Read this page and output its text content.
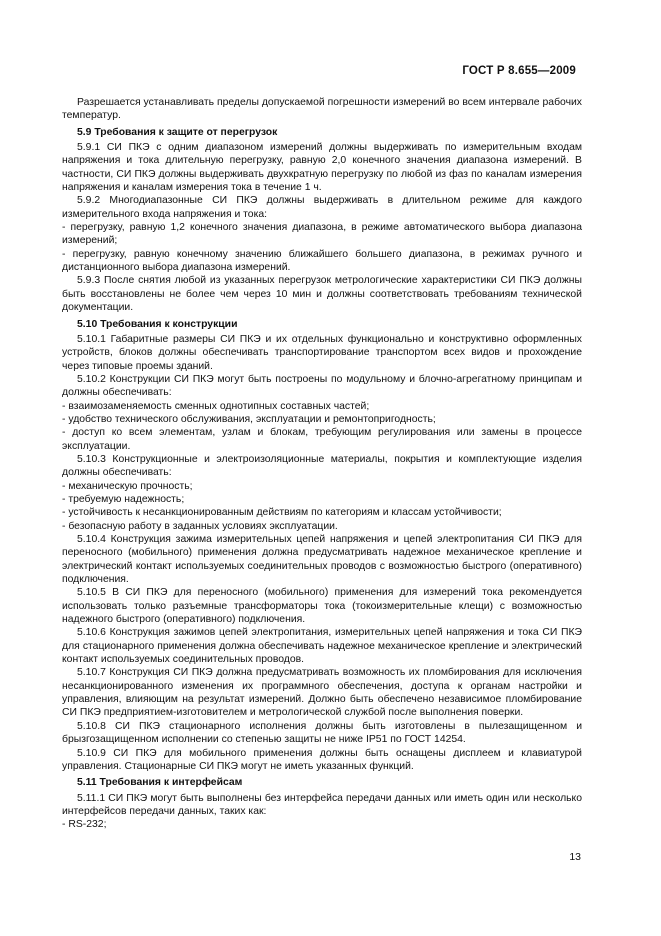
ГОСТ Р 8.655—2009

Разрешается устанавливать пределы допускаемой погрешности измерений во всем интервале рабочих температур.

5.9 Требования к защите от перегрузок

5.9.1 СИ ПКЭ с одним диапазоном измерений должны выдерживать по измерительным входам напряжения и тока длительную перегрузку, равную 2,0 конечного значения диапазона измерений. В частности, СИ ПКЭ должны выдерживать двухкратную перегрузку по любой из фаз по каналам измерения напряжения и каналам измерения тока в течение 1 ч.

5.9.2 Многодиапазонные СИ ПКЭ должны выдерживать в длительном режиме для каждого измерительного входа напряжения и тока:

- перегрузку, равную 1,2 конечного значения диапазона, в режиме автоматического выбора диапазона измерений;

- перегрузку, равную конечному значению ближайшего большего диапазона, в режимах ручного и дистанционного выбора диапазона измерений.

5.9.3 После снятия любой из указанных перегрузок метрологические характеристики СИ ПКЭ должны быть восстановлены не более чем через 10 мин и должны соответствовать требованиям технической документации.

5.10 Требования к конструкции

5.10.1 Габаритные размеры СИ ПКЭ и их отдельных функционально и конструктивно оформленных устройств, блоков должны обеспечивать транспортирование транспортом всех видов и прохождение через типовые проемы зданий.

5.10.2 Конструкции СИ ПКЭ могут быть построены по модульному и блочно-агрегатному принципам и должны обеспечивать:

- взаимозаменяемость сменных однотипных составных частей;

- удобство технического обслуживания, эксплуатации и ремонтопригодность;

- доступ ко всем элементам, узлам и блокам, требующим регулирования или замены в процессе эксплуатации.

5.10.3 Конструкционные и электроизоляционные материалы, покрытия и комплектующие изделия должны обеспечивать:

- механическую прочность;

- требуемую надежность;

- устойчивость к несанкционированным действиям по категориям и классам устойчивости;

- безопасную работу в заданных условиях эксплуатации.

5.10.4 Конструкция зажима измерительных цепей напряжения и цепей электропитания СИ ПКЭ для переносного (мобильного) применения должна предусматривать надежное механическое крепление и электрический контакт используемых соединительных проводов с возможностью быстрого (оперативного) подключения.

5.10.5 В СИ ПКЭ для переносного (мобильного) применения для измерений тока рекомендуется использовать только разъемные трансформаторы тока (токоизмерительные клещи) с возможностью надежного быстрого (оперативного) подключения.

5.10.6 Конструкция зажимов цепей электропитания, измерительных цепей напряжения и тока СИ ПКЭ для стационарного применения должна обеспечивать надежное механическое крепление и электрический контакт используемых соединительных проводов.

5.10.7 Конструкция СИ ПКЭ должна предусматривать возможность их пломбирования для исключения несанкционированного изменения их программного обеспечения, доступа к органам настройки и управления, влияющим на результат измерений. Должно быть обеспечено независимое пломбирование СИ ПКЭ предприятием-изготовителем и метрологической службой после выполнения поверки.

5.10.8 СИ ПКЭ стационарного исполнения должны быть изготовлены в пылезащищенном и брызгозащищенном исполнении со степенью защиты не ниже IP51 по ГОСТ 14254.

5.10.9 СИ ПКЭ для мобильного применения должны быть оснащены дисплеем и клавиатурой управления. Стационарные СИ ПКЭ могут не иметь указанных функций.

5.11 Требования к интерфейсам

5.11.1 СИ ПКЭ могут быть выполнены без интерфейса передачи данных или иметь один или несколько интерфейсов передачи данных, таких как:

- RS-232;

13
